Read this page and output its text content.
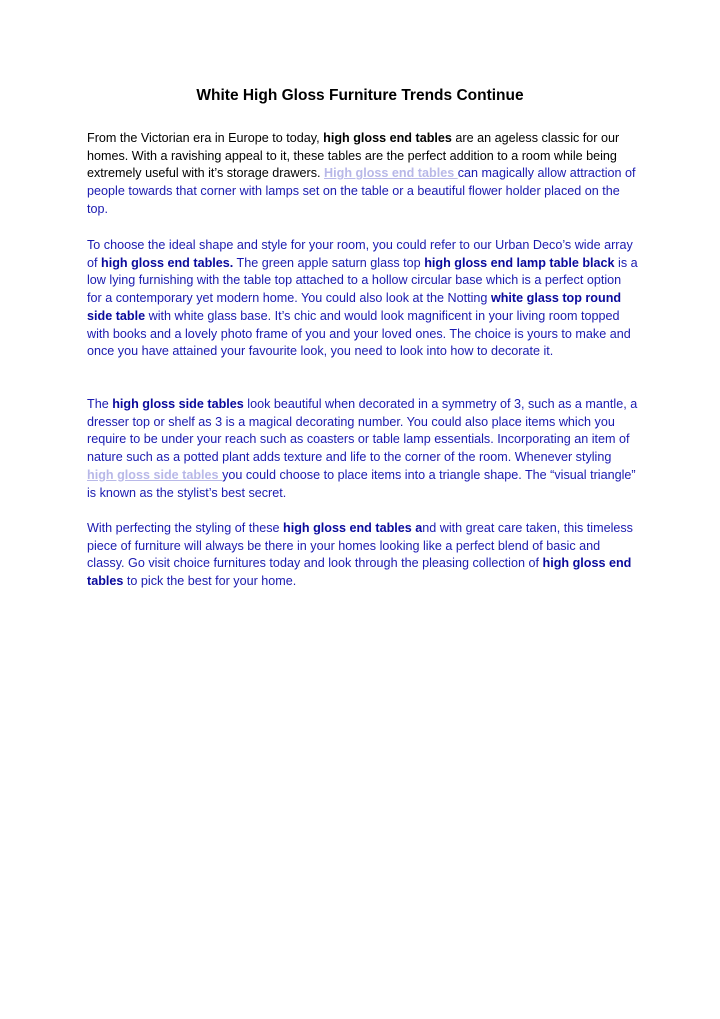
White High Gloss Furniture Trends Continue

From the Victorian era in Europe to today, high gloss end tables are an ageless classic for our homes. With a ravishing appeal to it, these tables are the perfect addition to a room while being extremely useful with it’s storage drawers. High gloss end tables can magically allow attraction of people towards that corner with lamps set on the table or a beautiful flower holder placed on the top.

To choose the ideal shape and style for your room, you could refer to our Urban Deco’s wide array of high gloss end tables. The green apple saturn glass top high gloss end lamp table black is a low lying furnishing with the table top attached to a hollow circular base which is a perfect option for a contemporary yet modern home. You could also look at the Notting white glass top round side table with white glass base. It’s chic and would look magnificent in your living room topped with books and a lovely photo frame of you and your loved ones. The choice is yours to make and once you have attained your favourite look, you need to look into how to decorate it.

The high gloss side tables look beautiful when decorated in a symmetry of 3, such as a mantle, a dresser top or shelf as 3 is a magical decorating number. You could also place items which you require to be under your reach such as coasters or table lamp essentials. Incorporating an item of nature such as a potted plant adds texture and life to the corner of the room. Whenever styling high gloss side tables you could choose to place items into a triangle shape. The “visual triangle” is known as the stylist’s best secret.

With perfecting the styling of these high gloss end tables and with great care taken, this timeless piece of furniture will always be there in your homes looking like a perfect blend of basic and classy. Go visit choice furnitures today and look through the pleasing collection of high gloss end tables to pick the best for your home.
